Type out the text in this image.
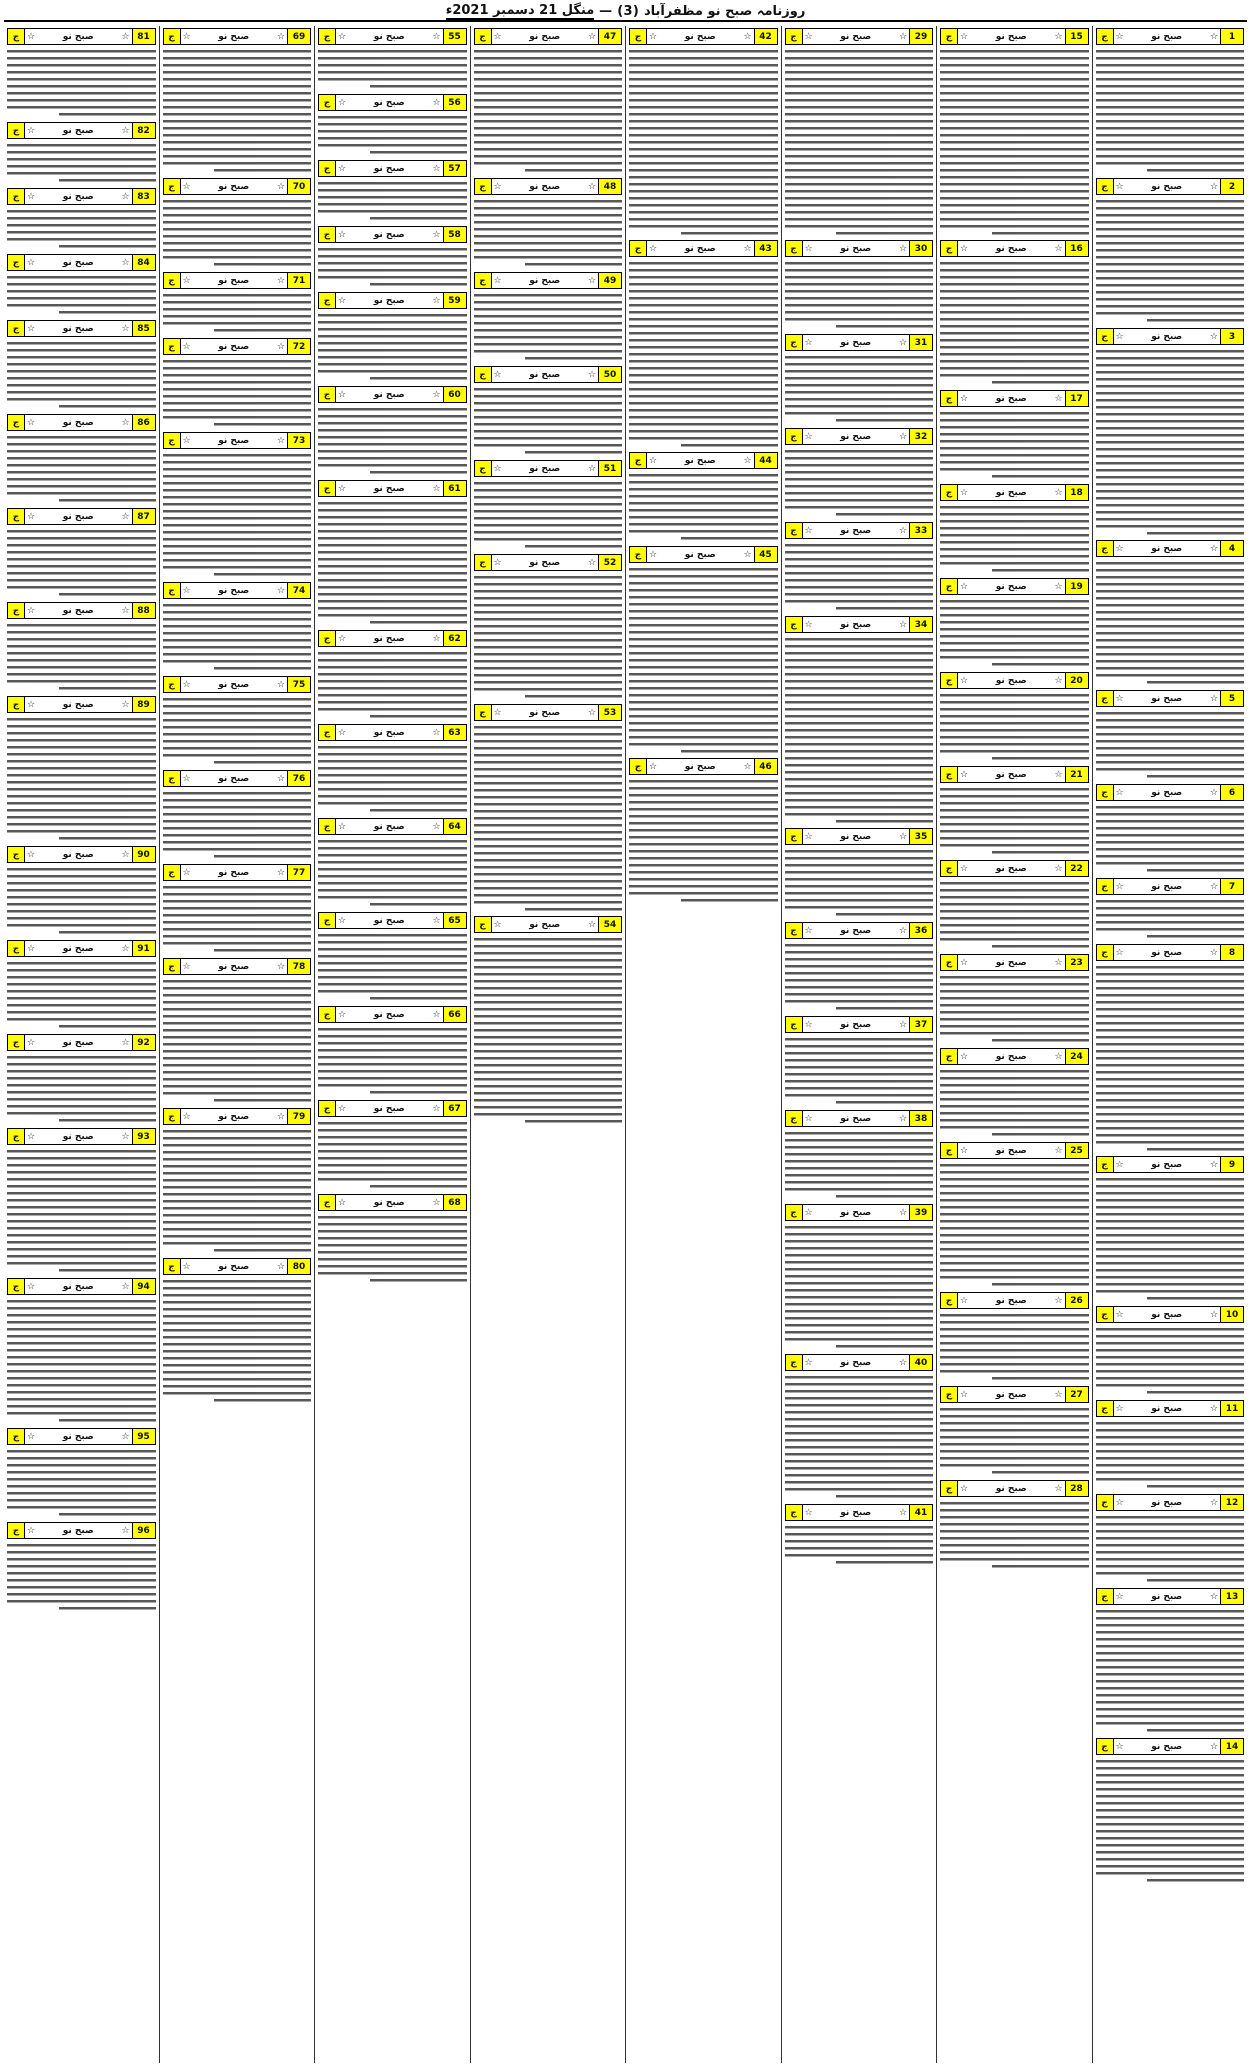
روزنامہ صبح نو مظفرآباد

(3)
—
منگل 21 دسمبر 2021ء
1
☆
صبح نو
☆
ج
2
☆
صبح نو
☆
ج
3
☆
صبح نو
☆
ج
4
☆
صبح نو
☆
ج
5
☆
صبح نو
☆
ج
6
☆
صبح نو
☆
ج
7
☆
صبح نو
☆
ج
8
☆
صبح نو
☆
ج
9
☆
صبح نو
☆
ج
10
☆
صبح نو
☆
ج
11
☆
صبح نو
☆
ج
12
☆
صبح نو
☆
ج
13
☆
صبح نو
☆
ج
14
☆
صبح نو
☆
ج
15
☆
صبح نو
☆
ج
16
☆
صبح نو
☆
ج
17
☆
صبح نو
☆
ج
18
☆
صبح نو
☆
ج
19
☆
صبح نو
☆
ج
20
☆
صبح نو
☆
ج
21
☆
صبح نو
☆
ج
22
☆
صبح نو
☆
ج
23
☆
صبح نو
☆
ج
24
☆
صبح نو
☆
ج
25
☆
صبح نو
☆
ج
26
☆
صبح نو
☆
ج
27
☆
صبح نو
☆
ج
28
☆
صبح نو
☆
ج
29
☆
صبح نو
☆
ج
30
☆
صبح نو
☆
ج
31
☆
صبح نو
☆
ج
32
☆
صبح نو
☆
ج
33
☆
صبح نو
☆
ج
34
☆
صبح نو
☆
ج
35
☆
صبح نو
☆
ج
36
☆
صبح نو
☆
ج
37
☆
صبح نو
☆
ج
38
☆
صبح نو
☆
ج
39
☆
صبح نو
☆
ج
40
☆
صبح نو
☆
ج
41
☆
صبح نو
☆
ج
42
☆
صبح نو
☆
ج
43
☆
صبح نو
☆
ج
44
☆
صبح نو
☆
ج
45
☆
صبح نو
☆
ج
46
☆
صبح نو
☆
ج
47
☆
صبح نو
☆
ج
48
☆
صبح نو
☆
ج
49
☆
صبح نو
☆
ج
50
☆
صبح نو
☆
ج
51
☆
صبح نو
☆
ج
52
☆
صبح نو
☆
ج
53
☆
صبح نو
☆
ج
54
☆
صبح نو
☆
ج
55
☆
صبح نو
☆
ج
56
☆
صبح نو
☆
ج
57
☆
صبح نو
☆
ج
58
☆
صبح نو
☆
ج
59
☆
صبح نو
☆
ج
60
☆
صبح نو
☆
ج
61
☆
صبح نو
☆
ج
62
☆
صبح نو
☆
ج
63
☆
صبح نو
☆
ج
64
☆
صبح نو
☆
ج
65
☆
صبح نو
☆
ج
66
☆
صبح نو
☆
ج
67
☆
صبح نو
☆
ج
68
☆
صبح نو
☆
ج
69
☆
صبح نو
☆
ج
70
☆
صبح نو
☆
ج
71
☆
صبح نو
☆
ج
72
☆
صبح نو
☆
ج
73
☆
صبح نو
☆
ج
74
☆
صبح نو
☆
ج
75
☆
صبح نو
☆
ج
76
☆
صبح نو
☆
ج
77
☆
صبح نو
☆
ج
78
☆
صبح نو
☆
ج
79
☆
صبح نو
☆
ج
80
☆
صبح نو
☆
ج
81
☆
صبح نو
☆
ج
82
☆
صبح نو
☆
ج
83
☆
صبح نو
☆
ج
84
☆
صبح نو
☆
ج
85
☆
صبح نو
☆
ج
86
☆
صبح نو
☆
ج
87
☆
صبح نو
☆
ج
88
☆
صبح نو
☆
ج
89
☆
صبح نو
☆
ج
90
☆
صبح نو
☆
ج
91
☆
صبح نو
☆
ج
92
☆
صبح نو
☆
ج
93
☆
صبح نو
☆
ج
94
☆
صبح نو
☆
ج
95
☆
صبح نو
☆
ج
96
☆
صبح نو
☆
ج
